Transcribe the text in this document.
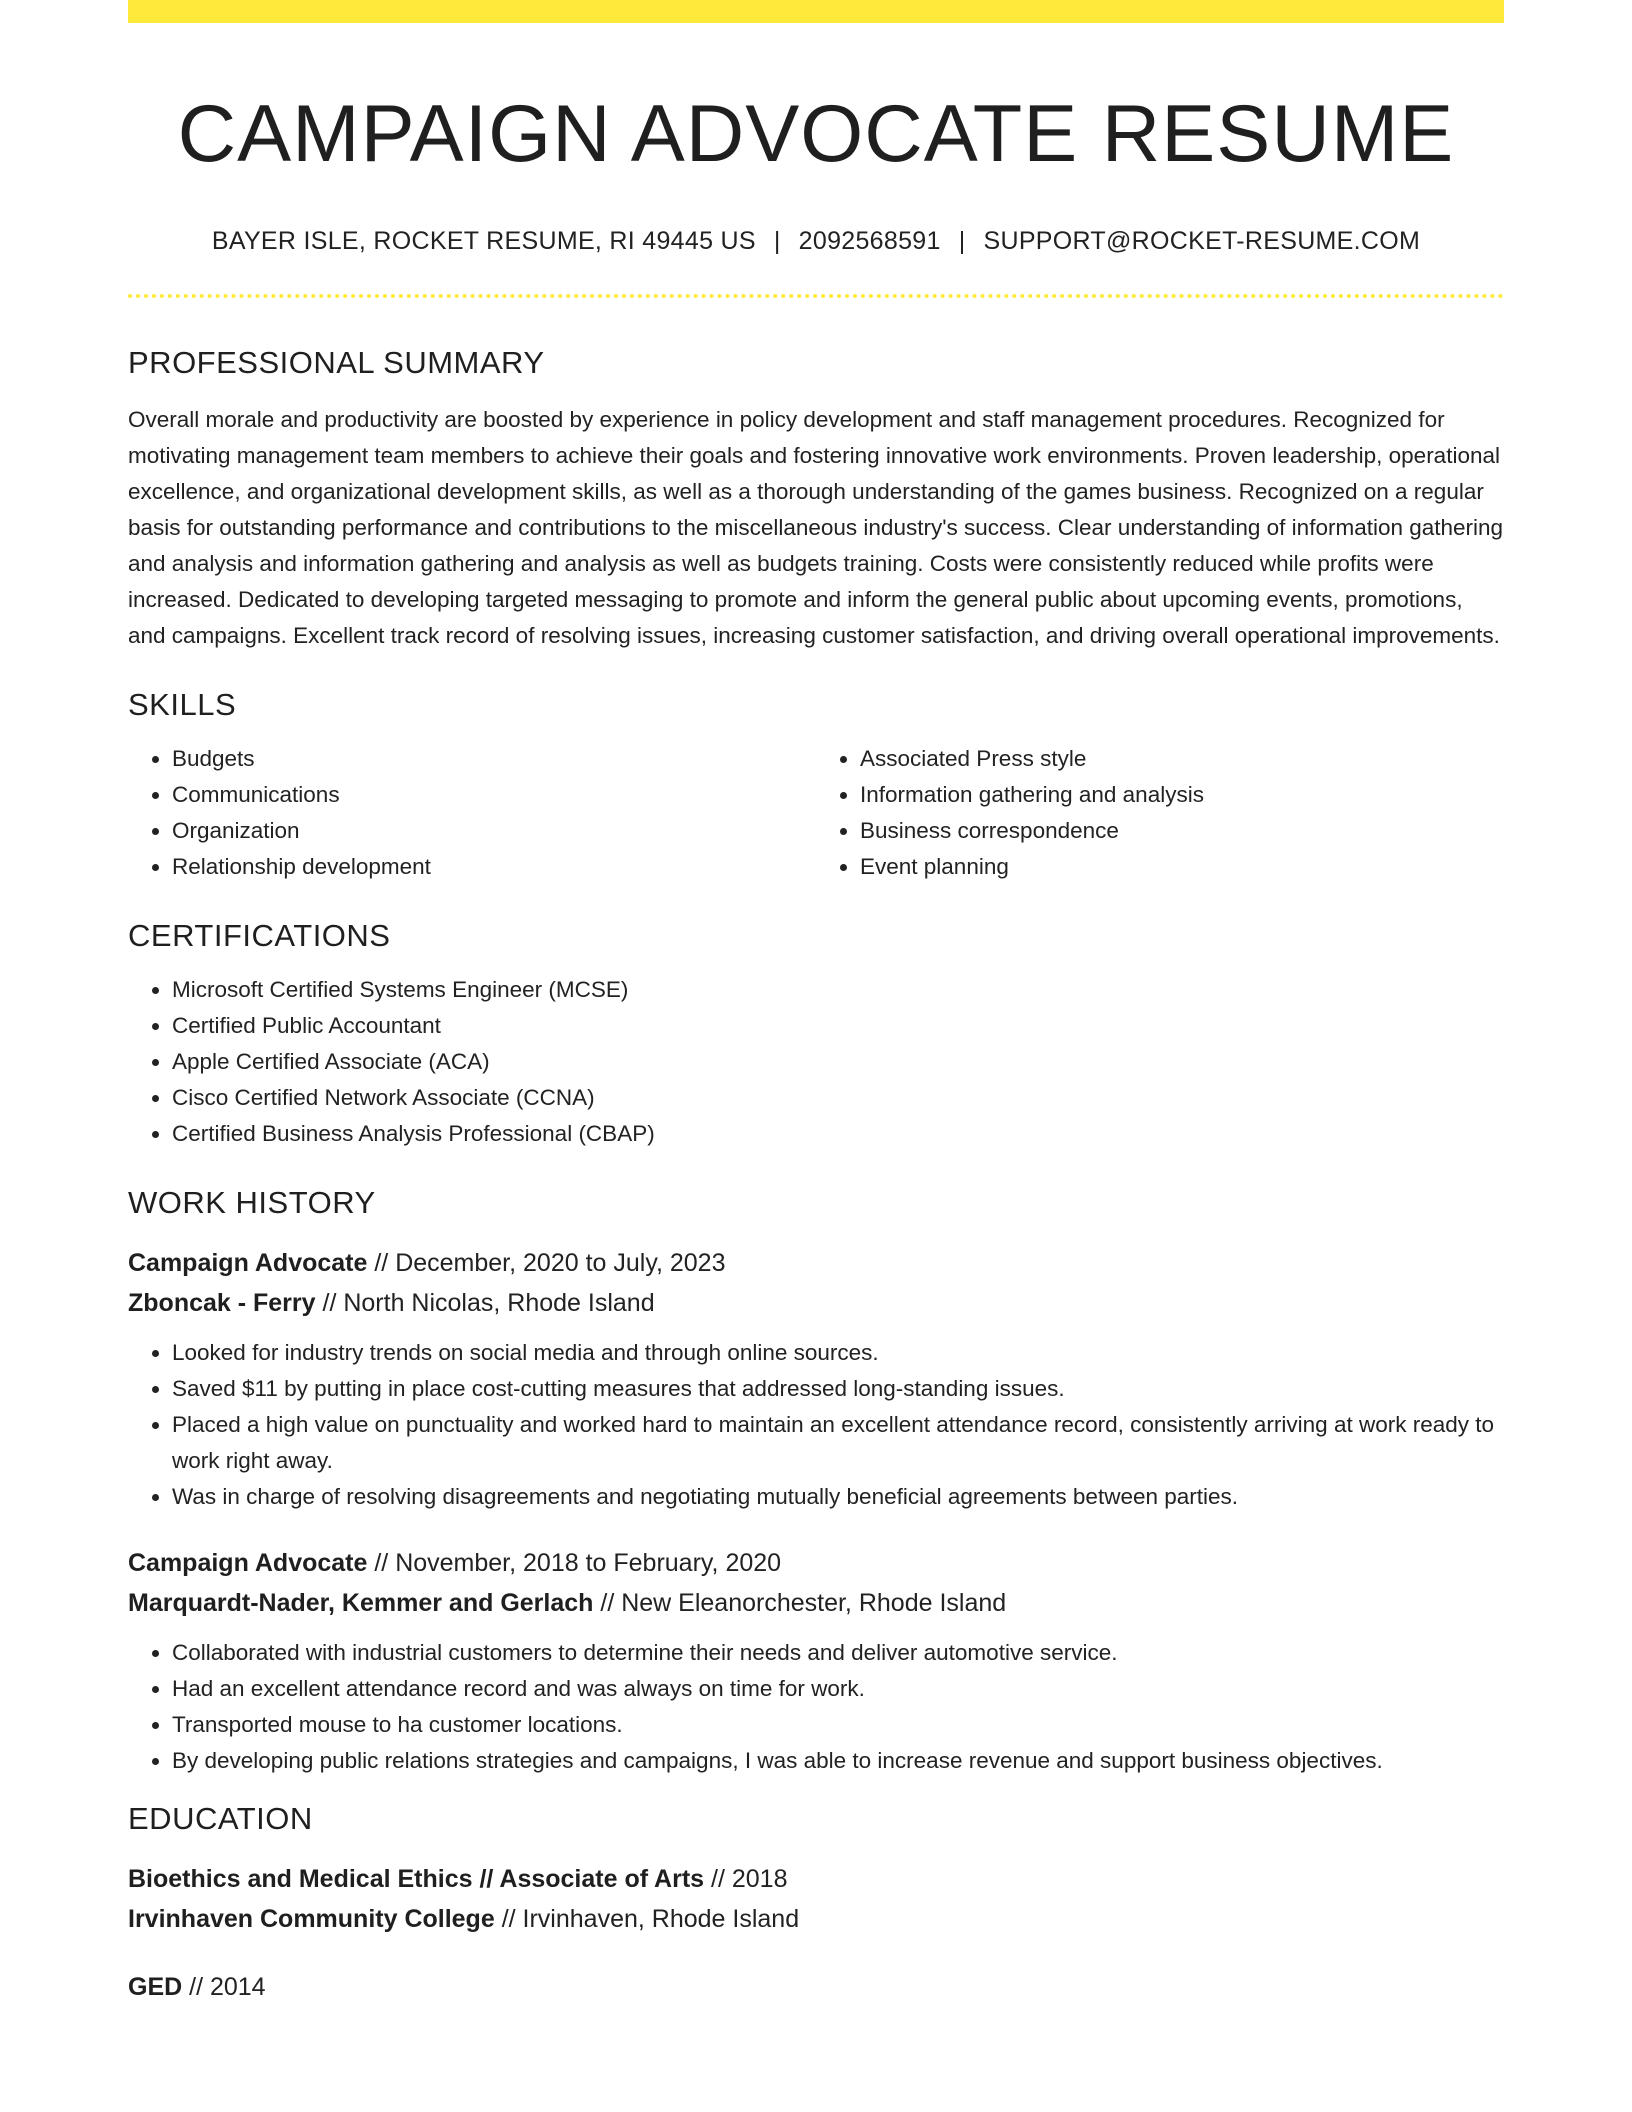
CAMPAIGN ADVOCATE RESUME
BAYER ISLE, ROCKET RESUME, RI 49445 US | 2092568591 | SUPPORT@ROCKET-RESUME.COM
PROFESSIONAL SUMMARY
Overall morale and productivity are boosted by experience in policy development and staff management procedures. Recognized for motivating management team members to achieve their goals and fostering innovative work environments. Proven leadership, operational excellence, and organizational development skills, as well as a thorough understanding of the games business. Recognized on a regular basis for outstanding performance and contributions to the miscellaneous industry's success. Clear understanding of information gathering and analysis and information gathering and analysis as well as budgets training. Costs were consistently reduced while profits were increased. Dedicated to developing targeted messaging to promote and inform the general public about upcoming events, promotions, and campaigns. Excellent track record of resolving issues, increasing customer satisfaction, and driving overall operational improvements.
SKILLS
• Budgets
• Communications
• Organization
• Relationship development
• Associated Press style
• Information gathering and analysis
• Business correspondence
• Event planning
CERTIFICATIONS
• Microsoft Certified Systems Engineer (MCSE)
• Certified Public Accountant
• Apple Certified Associate (ACA)
• Cisco Certified Network Associate (CCNA)
• Certified Business Analysis Professional (CBAP)
WORK HISTORY
Campaign Advocate // December, 2020 to July, 2023
Zboncak - Ferry // North Nicolas, Rhode Island
• Looked for industry trends on social media and through online sources.
• Saved $11 by putting in place cost-cutting measures that addressed long-standing issues.
• Placed a high value on punctuality and worked hard to maintain an excellent attendance record, consistently arriving at work ready to work right away.
• Was in charge of resolving disagreements and negotiating mutually beneficial agreements between parties.
Campaign Advocate // November, 2018 to February, 2020
Marquardt-Nader, Kemmer and Gerlach // New Eleanorchester, Rhode Island
• Collaborated with industrial customers to determine their needs and deliver automotive service.
• Had an excellent attendance record and was always on time for work.
• Transported mouse to ha customer locations.
• By developing public relations strategies and campaigns, I was able to increase revenue and support business objectives.
EDUCATION
Bioethics and Medical Ethics // Associate of Arts // 2018
Irvinhaven Community College // Irvinhaven, Rhode Island
GED // 2014
